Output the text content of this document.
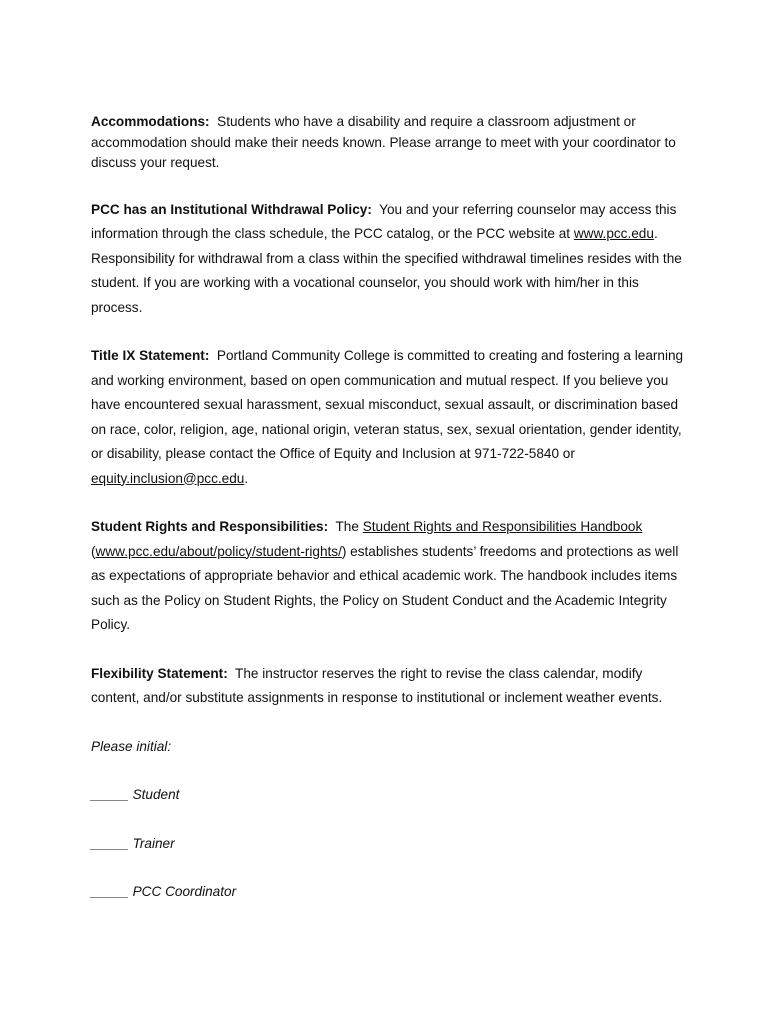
Accommodations: Students who have a disability and require a classroom adjustment or accommodation should make their needs known. Please arrange to meet with your coordinator to discuss your request.

PCC has an Institutional Withdrawal Policy: You and your referring counselor may access this information through the class schedule, the PCC catalog, or the PCC website at www.pcc.edu. Responsibility for withdrawal from a class within the specified withdrawal timelines resides with the student. If you are working with a vocational counselor, you should work with him/her in this process.

Title IX Statement: Portland Community College is committed to creating and fostering a learning and working environment, based on open communication and mutual respect. If you believe you have encountered sexual harassment, sexual misconduct, sexual assault, or discrimination based on race, color, religion, age, national origin, veteran status, sex, sexual orientation, gender identity, or disability, please contact the Office of Equity and Inclusion at 971-722-5840 or equity.inclusion@pcc.edu.

Student Rights and Responsibilities: The Student Rights and Responsibilities Handbook (www.pcc.edu/about/policy/student-rights/) establishes students’ freedoms and protections as well as expectations of appropriate behavior and ethical academic work. The handbook includes items such as the Policy on Student Rights, the Policy on Student Conduct and the Academic Integrity Policy.

Flexibility Statement: The instructor reserves the right to revise the class calendar, modify content, and/or substitute assignments in response to institutional or inclement weather events.

Please initial:

_____ Student

_____ Trainer

_____ PCC Coordinator
